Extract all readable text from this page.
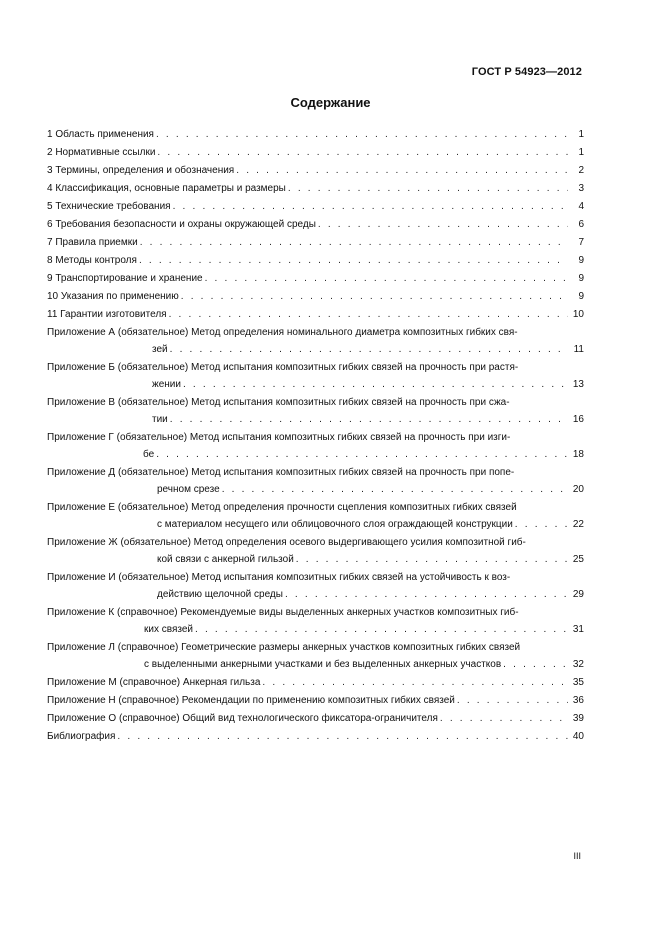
ГОСТ Р 54923—2012
Содержание
1 Область применения . . .	1
2 Нормативные ссылки . . .	1
3 Термины, определения и обозначения . . .	2
4 Классификация, основные параметры и размеры . . .	3
5 Технические требования . . .	4
6 Требования безопасности и охраны окружающей среды . . .	6
7 Правила приемки . . .	7
8 Методы контроля . . .	9
9 Транспортирование и хранение . . .	9
10 Указания по применению . . .	9
11 Гарантии изготовителя . . .	10
Приложение А (обязательное) Метод определения номинального диаметра композитных гибких свя-
зей . . .	11
Приложение Б (обязательное) Метод испытания композитных гибких связей на прочность при растя-
жении . . .	13
Приложение В (обязательное) Метод испытания композитных гибких связей на прочность при сжа-
тии . . .	16
Приложение Г (обязательное) Метод испытания композитных гибких связей на прочность при изги-
бе . . .	18
Приложение Д (обязательное) Метод испытания композитных гибких связей на прочность при попе-
речном срезе . . .	20
Приложение Е (обязательное) Метод определения прочности сцепления композитных гибких связей
с материалом несущего или облицовочного слоя ограждающей конструкции . . .	22
Приложение Ж (обязательное) Метод определения осевого выдергивающего усилия композитной гиб-
кой связи с анкерной гильзой . . .	25
Приложение И (обязательное) Метод испытания композитных гибких связей на устойчивость к воз-
действию щелочной среды . . .	29
Приложение К (справочное) Рекомендуемые виды выделенных анкерных участков композитных гиб-
ких связей . . .	31
Приложение Л (справочное) Геометрические размеры анкерных участков композитных гибких связей
с выделенными анкерными участками и без выделенных анкерных участков . . .	32
Приложение М (справочное) Анкерная гильза . . .	35
Приложение Н (справочное) Рекомендации по применению композитных гибких связей . . .	36
Приложение О (справочное) Общий вид технологического фиксатора-ограничителя . . .	39
Библиография . . .	40
III
